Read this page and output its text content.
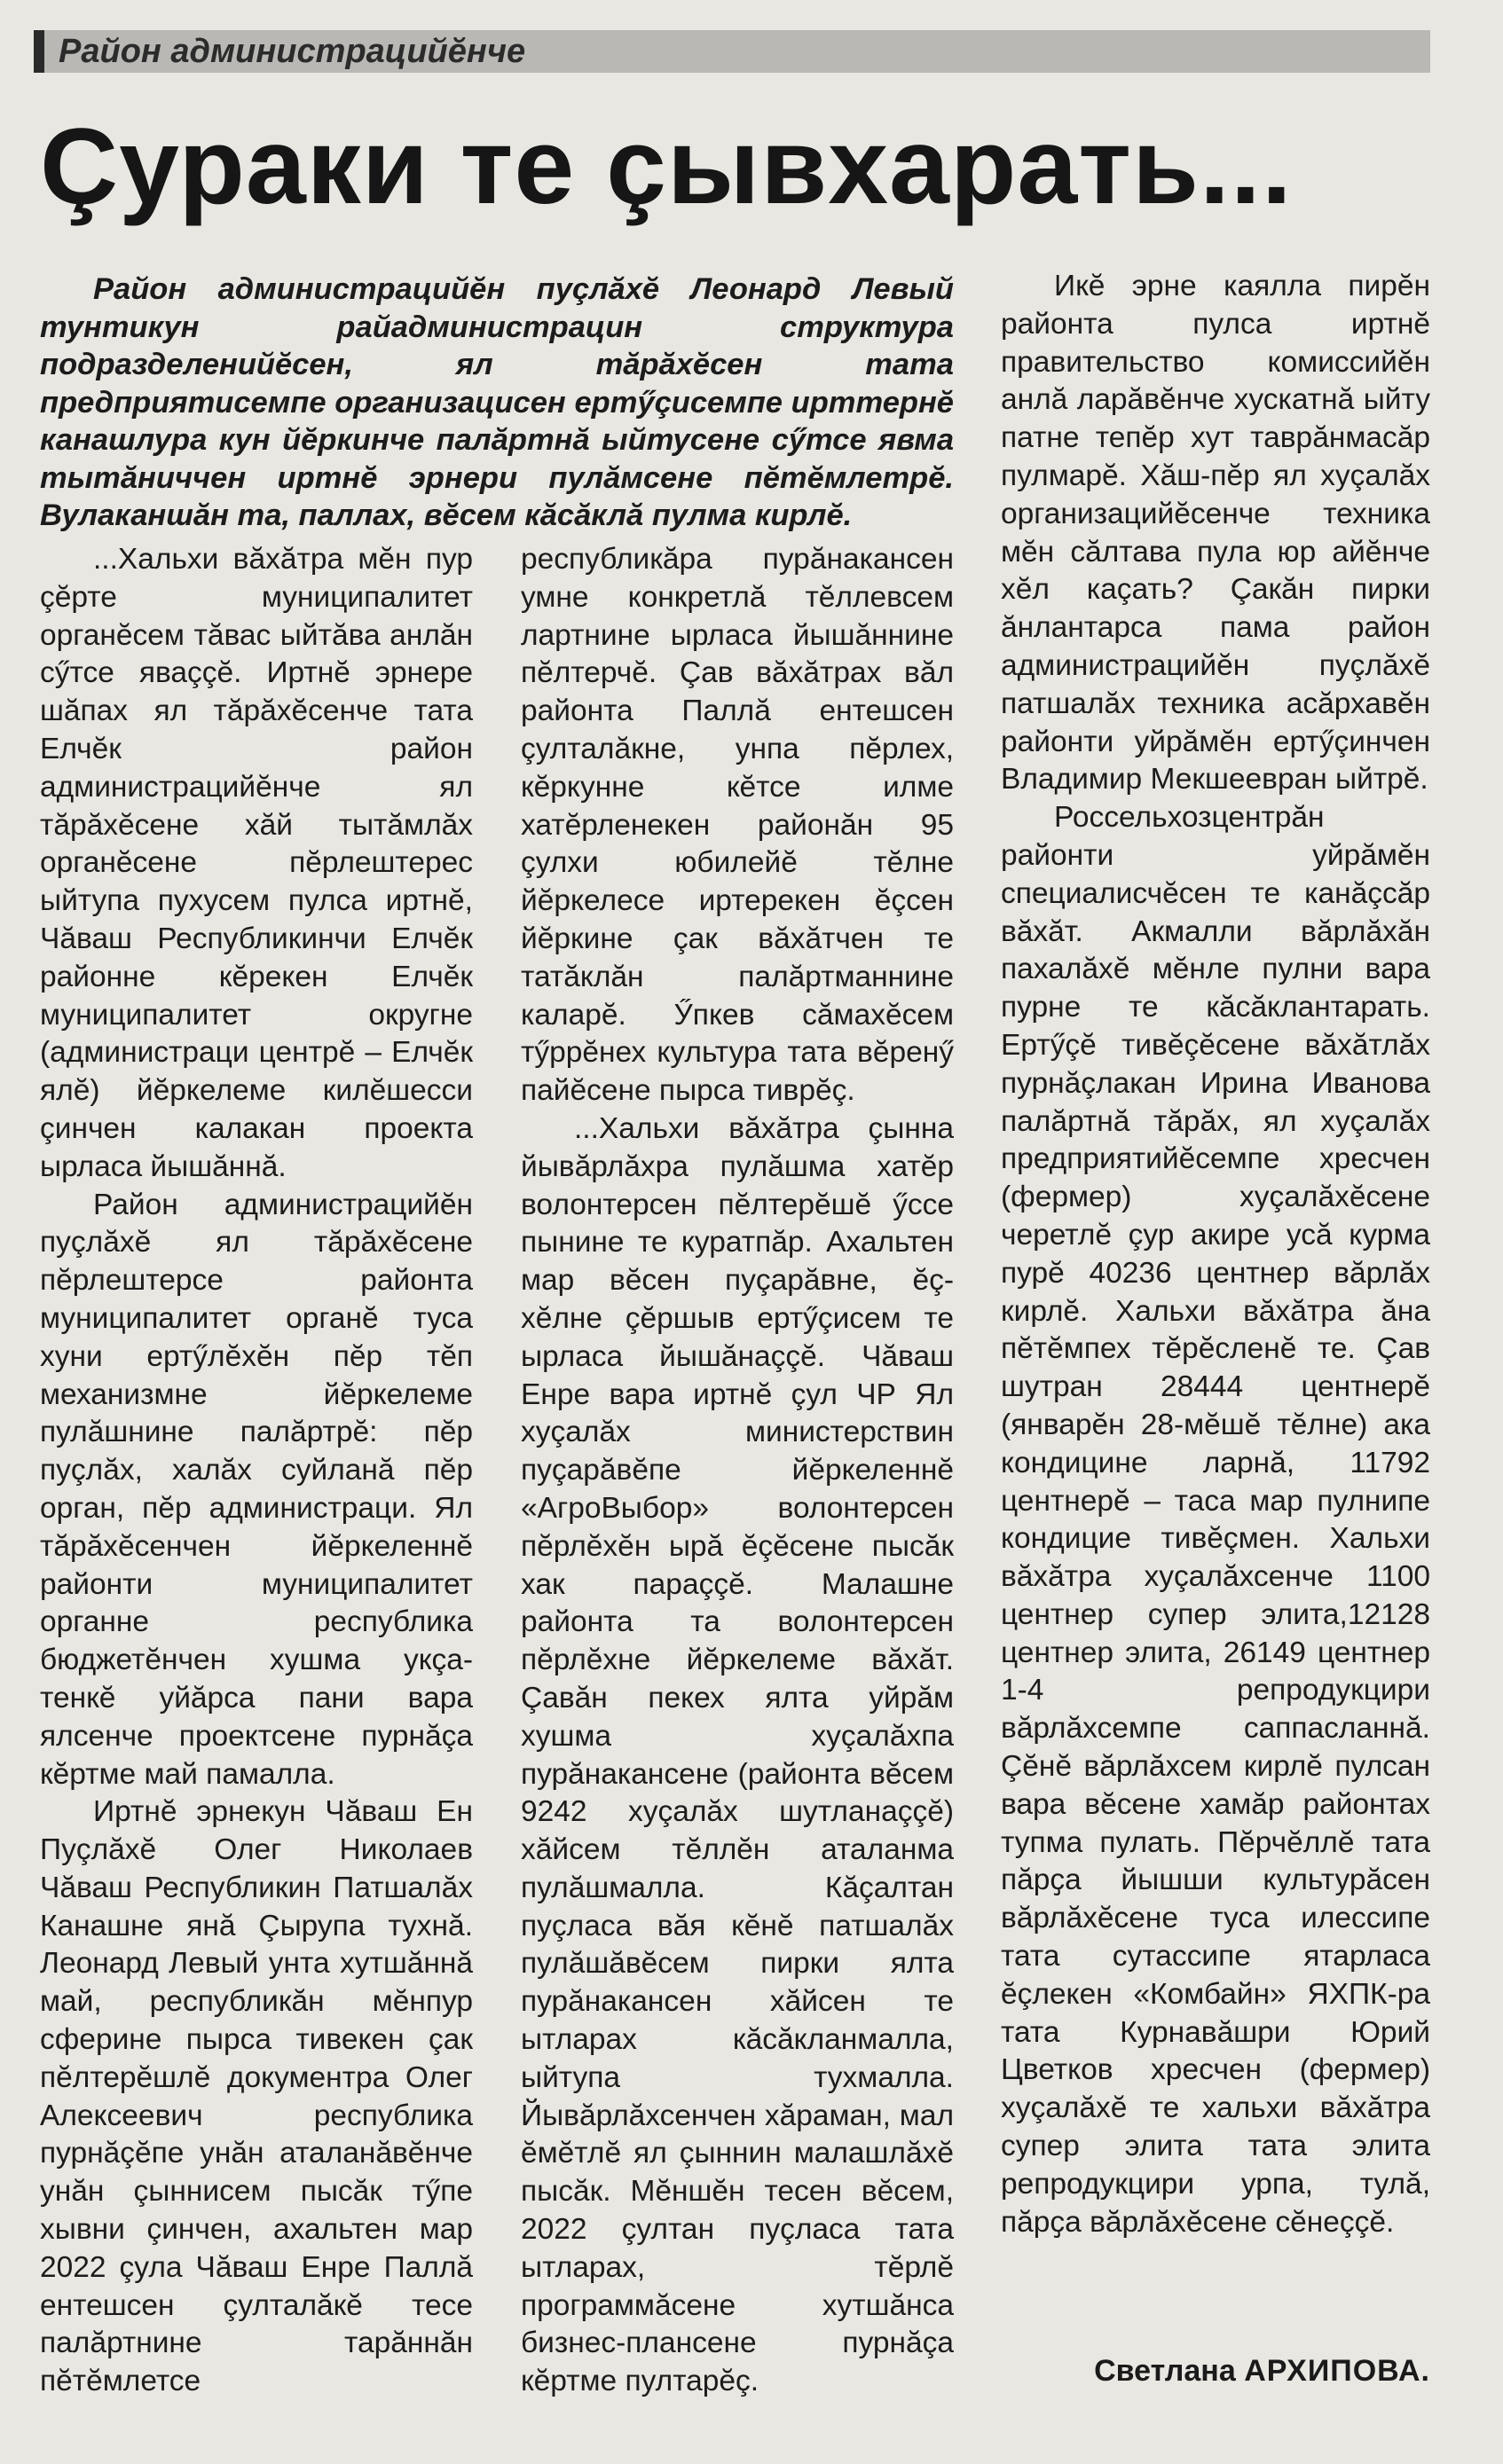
Район администрацийӗнче
Çураки те çывхарать...
Район администрацийӗн пуçлӑхӗ Леонард Левый тунтикун райадминистрацин структура подразделенийӗсен, ял тӑрӑхӗсен тата предприятисемпе организацисен ертӳçисемпе ирттернӗ канашлура кун йӗркинче палӑртнӑ ыйтусене сӳтсе явма тытӑниччен иртнӗ эрнери пулӑмсене пӗтӗмлетрӗ. Вулаканшӑн та, паллах, вӗсем кӑсӑклӑ пулма кирлӗ.

...Хальхи вӑхӑтра мӗн пур çӗрте муниципалитет органӗсем тӑвас ыйтӑва анлӑн сӳтсе яваççӗ. Иртнӗ эрнере шӑпах ял тӑрӑхӗсенче тата Елчӗк район администрацийӗнче ял тӑрӑхӗсене хӑй тытӑмлӑх органӗсене пӗрлештерес ыйтупа пухусем пулса иртнӗ, Чӑваш Республикинчи Елчӗк районне кӗрекен Елчӗк муниципалитет округне (администраци центрӗ – Елчӗк ялӗ) йӗркелеме килӗшесси çинчен калакан проекта ырласа йышӑннӑ.

Район администрацийӗн пуçлӑхӗ ял тӑрӑхӗсене пӗрлештерсе районта муниципалитет органӗ туса хуни ертӳлӗхӗн пӗр тӗп механизмне йӗркелеме пулӑшнине палӑртрӗ: пӗр пуçлӑх, халӑх суйланӑ пӗр орган, пӗр администраци. Ял тӑрӑхӗсенчен йӗркеленнӗ районти муниципалитет органне республика бюджетӗнчен хушма укçа-тенкӗ уйӑрса пани вара ялсенче проектсене пурнӑçа кӗртме май памалла.

Иртнӗ эрнекун Чӑваш Ен Пуçлӑхӗ Олег Николаев Чӑваш Республикин Патшалӑх Канашне янӑ Çырупа тухнӑ. Леонард Левый унта хутшӑннӑ май, республикӑн мӗнпур сферине пырса тивекен çак пӗлтерӗшлӗ документра Олег Алексеевич республика пурнӑçӗпе унӑн аталанӑвӗнче унӑн çыннисем пысӑк тӳпе хывни çинчен, ахальтен мар 2022 çула Чӑваш Енре Паллӑ ентешсен çулталӑкӗ тесе палӑртнине тарӑннӑн пӗтӗмлетсе

республикӑра пурӑнакансен умне конкретлӑ тӗллевсем лартнине ырласа йышӑннине пӗлтерчӗ. Çав вӑхӑтрах вӑл районта Паллӑ ентешсен çулталӑкне, унпа пӗрлех, кӗркунне кӗтсе илме хатӗрленекен районӑн 95 çулхи юбилейӗ тӗлне йӗркелесе иртерекен ӗçсен йӗркине çак вӑхӑтчен те татӑклӑн палӑртманнине каларӗ. Ӳпкев сӑмахӗсем тӳррӗнех культура тата вӗренӳ пайӗсене пырса тиврӗç.

...Хальхи вӑхӑтра çынна йывӑрлӑхра пулӑшма хатӗр волонтерсен пӗлтерӗшӗ ӳссе пынине те куратпӑр. Ахальтен мар вӗсен пуçарӑвне, ӗç-хӗлне çӗршыв ертӳçисем те ырласа йышӑнаççӗ. Чӑваш Енре вара иртнӗ çул ЧР Ял хуçалӑх министерствин пуçарӑвӗпе йӗркеленнӗ «АгроВыбор» волонтерсен пӗрлӗхӗн ырӑ ӗçӗсене пысӑк хак параççӗ. Малашне районта та волонтерсен пӗрлӗхне йӗркелеме вӑхӑт. Çавӑн пекех ялта уйрӑм хушма хуçалӑхпа пурӑнакансене (районта вӗсем 9242 хуçалӑх шутланаççӗ) хӑйсем тӗллӗн аталанма пулӑшмалла. Кӑçалтан пуçласа вӑя кӗнӗ патшалӑх пулӑшӑвӗсем пирки ялта пурӑнакансен хӑйсен те ытларах кӑсӑкланмалла, ыйтупа тухмалла. Йывӑрлӑхсенчен хӑраман, мал ӗмӗтлӗ ял çыннин малашлӑхӗ пысӑк. Мӗншӗн тесен вӗсем, 2022 çултан пуçласа тата ытларах, тӗрлӗ программӑсене хутшӑнса бизнес-плансене пурнӑçа кӗртме пултарӗç.

Икӗ эрне каялла пирӗн районта пулса иртнӗ правительство комиссийӗн анлӑ ларӑвӗнче хускатнӑ ыйту патне тепӗр хут таврӑнмасӑр пулмарӗ. Хӑш-пӗр ял хуçалӑх организацийӗсенче техника мӗн сӑлтава пула юр айӗнче хӗл каçать? Çакӑн пирки ӑнлантарса пама район администрацийӗн пуçлӑхӗ патшалӑх техника асӑрхавӗн районти уйрӑмӗн ертӳçинчен Владимир Мекшеевран ыйтрӗ.

Россельхозцентрӑн районти уйрӑмӗн специалисчӗсен те канӑçсӑр вӑхӑт. Акмалли вӑрлӑхӑн пахалӑхӗ мӗнле пулни вара пурне те кӑсӑклантарать. Ертӳçӗ тивӗçӗсене вӑхӑтлӑх пурнӑçлакан Ирина Иванова палӑртнӑ тӑрӑх, ял хуçалӑх предприятийӗсемпе хресчен (фермер) хуçалӑхӗсене черетлӗ çур акире усӑ курма пурӗ 40236 центнер вӑрлӑх кирлӗ. Хальхи вӑхӑтра ӑна пӗтӗмпех тӗрӗсленӗ те. Çав шутран 28444 центнерӗ (январӗн 28-мӗшӗ тӗлне) ака кондицине ларнӑ, 11792 центнерӗ – таса мар пулнипе кондицие тивӗçмен. Хальхи вӑхӑтра хуçалӑхсенче 1100 центнер супер элита,12128 центнер элита, 26149 центнер 1-4 репродукцири вӑрлӑхсемпе саппасланнӑ. Çӗнӗ вӑрлӑхсем кирлӗ пулсан вара вӗсене хамӑр районтах тупма пулать. Пӗрчӗллӗ тата пӑрҫа йышши культурӑсен вӑрлӑхӗсене туса илессипе тата сутассипе ятарласа ӗçлекен «Комбайн» ЯХПК-ра тата Курнавӑшри Юрий Цветков хресчен (фермер) хуçалӑхӗ те хальхи вӑхӑтра супер элита тата элита репродукцири урпа, тулӑ, пӑрҫа вӑрлӑхӗсене сӗнеççӗ.

Светлана АРХИПОВА.
